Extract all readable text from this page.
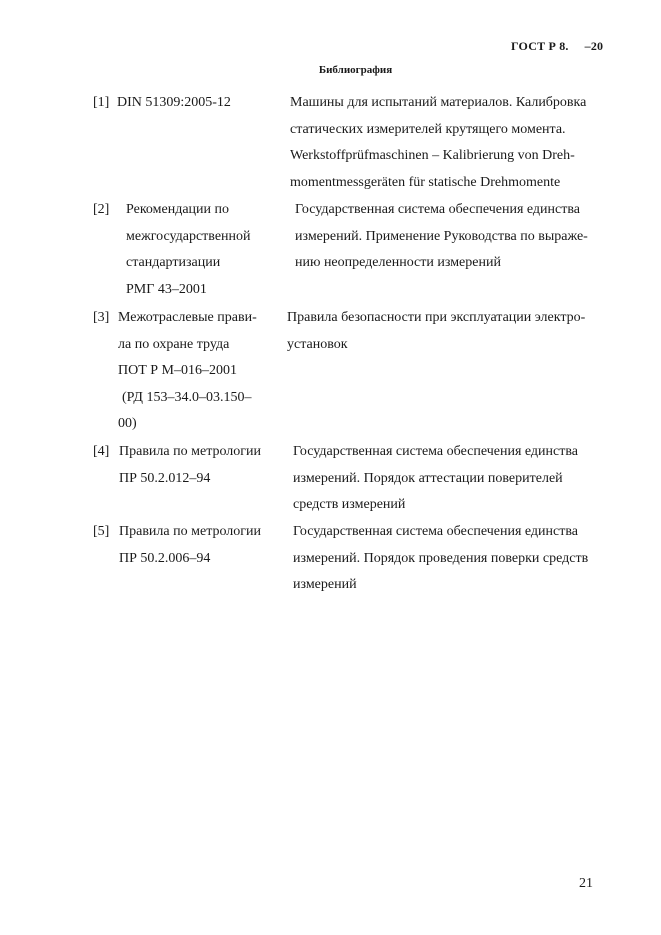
ГОСТ Р 8. –20
Библиография
[1] DIN 51309:2005-12	Машины для испытаний материалов. Калибровка
статических измерителей крутящего момента.
Werkstoffprüfmaschinen – Kalibrierung von Dreh-
momentmessgeräten für statische Drehmomente
[2] Рекомендации по
межгосударственной
стандартизации
РМГ 43–2001
Государственная система обеспечения единства
измерений. Применение Руководства по выраже-
нию неопределенности измерений
[3] Межотраслевые прави-
ла по охране труда
ПОТ Р М–016–2001
(РД 153–34.0–03.150–
00)
Правила безопасности при эксплуатации электро-
установок
[4] Правила по метрологии
ПР 50.2.012–94
Государственная система обеспечения единства
измерений. Порядок аттестации поверителей
средств измерений
[5] Правила по метрологии
ПР 50.2.006–94
Государственная система обеспечения единства
измерений. Порядок проведения поверки средств
измерений
21
